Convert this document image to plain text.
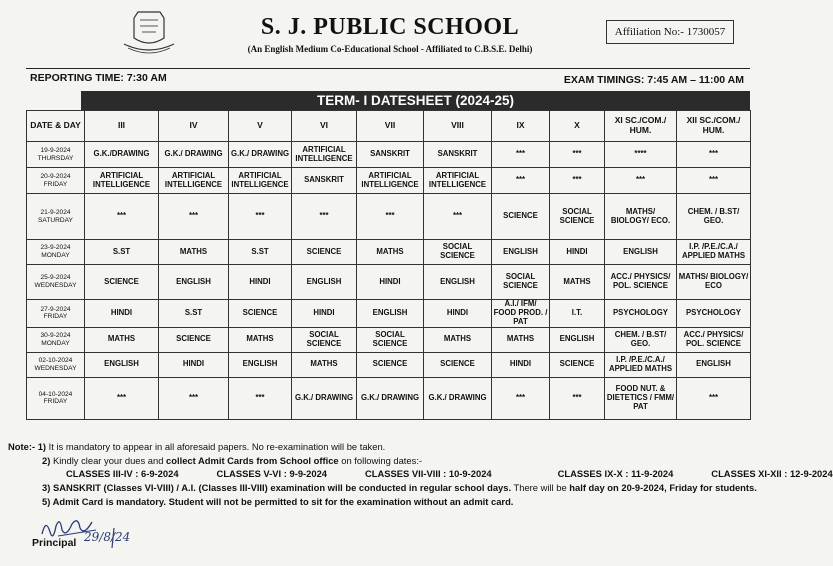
S. J. PUBLIC SCHOOL
(An English Medium Co-Educational School - Affiliated to C.B.S.E. Delhi)
Affiliation No:- 1730057
REPORTING TIME: 7:30 AM	EXAM TIMINGS: 7:45 AM – 11:00 AM
TERM- I DATESHEET (2024-25)
DATE & DAY	III	IV	V	VI	VII	VIII	IX	X	XI SC./COM./ HUM.	XII SC./COM./ HUM.

19-9-2024
THURSDAY	G.K./DRAWING	G.K./ DRAWING	G.K./ DRAWING	ARTIFICIAL INTELLIGENCE	SANSKRIT	SANSKRIT	***	***	****	***

20-9-2024
FRIDAY	ARTIFICIAL INTELLIGENCE	ARTIFICIAL INTELLIGENCE	ARTIFICIAL INTELLIGENCE	SANSKRIT	ARTIFICIAL INTELLIGENCE	ARTIFICIAL INTELLIGENCE	***	***	***	***

21-9-2024
SATURDAY	***	***	***	***	***	***	SCIENCE	SOCIAL SCIENCE	MATHS/ BIOLOGY/ ECO.	CHEM. / B.ST/ GEO.

23-9-2024
MONDAY	S.ST	MATHS	S.ST	SCIENCE	MATHS	SOCIAL SCIENCE	ENGLISH	HINDI	ENGLISH	I.P. /P.E./C.A./ APPLIED MATHS

25-9-2024
WEDNESDAY	SCIENCE	ENGLISH	HINDI	ENGLISH	HINDI	ENGLISH	SOCIAL SCIENCE	MATHS	ACC./ PHYSICS/ POL. SCIENCE	MATHS/ BIOLOGY/ ECO

27-9-2024
FRIDAY	HINDI	S.ST	SCIENCE	HINDI	ENGLISH	HINDI	A.I./ IFM/ FOOD PROD. / PAT	I.T.	PSYCHOLOGY	PSYCHOLOGY

30-9-2024
MONDAY	MATHS	SCIENCE	MATHS	SOCIAL SCIENCE	SOCIAL SCIENCE	MATHS	MATHS	ENGLISH	CHEM. / B.ST/ GEO.	ACC./ PHYSICS/ POL. SCIENCE

02-10-2024
WEDNESDAY	ENGLISH	HINDI	ENGLISH	MATHS	SCIENCE	SCIENCE	HINDI	SCIENCE	I.P. /P.E./C.A./ APPLIED MATHS	ENGLISH

04-10-2024
FRIDAY	***	***	***	G.K./ DRAWING	G.K./ DRAWING	G.K./ DRAWING	***	***	FOOD NUT. & DIETETICS / FMM/ PAT	***
Note:- 1) It is mandatory to appear in all aforesaid papers. No re-examination will be taken.
2) Kindly clear your dues and collect Admit Cards from School office on following dates:-
CLASSES III-IV : 6-9-2024	CLASSES V-VI : 9-9-2024	CLASSES VII-VIII : 10-9-2024	CLASSES IX-X : 11-9-2024	CLASSES XI-XII : 12-9-2024
3) SANSKRIT (Classes VI-VIII) / A.I. (Classes III-VIII) examination will be conducted in regular school days. There will be half day on 20-9-2024, Friday for students.
5) Admit Card is mandatory. Student will not be permitted to sit for the examination without an admit card.
Principal 29/8/24
